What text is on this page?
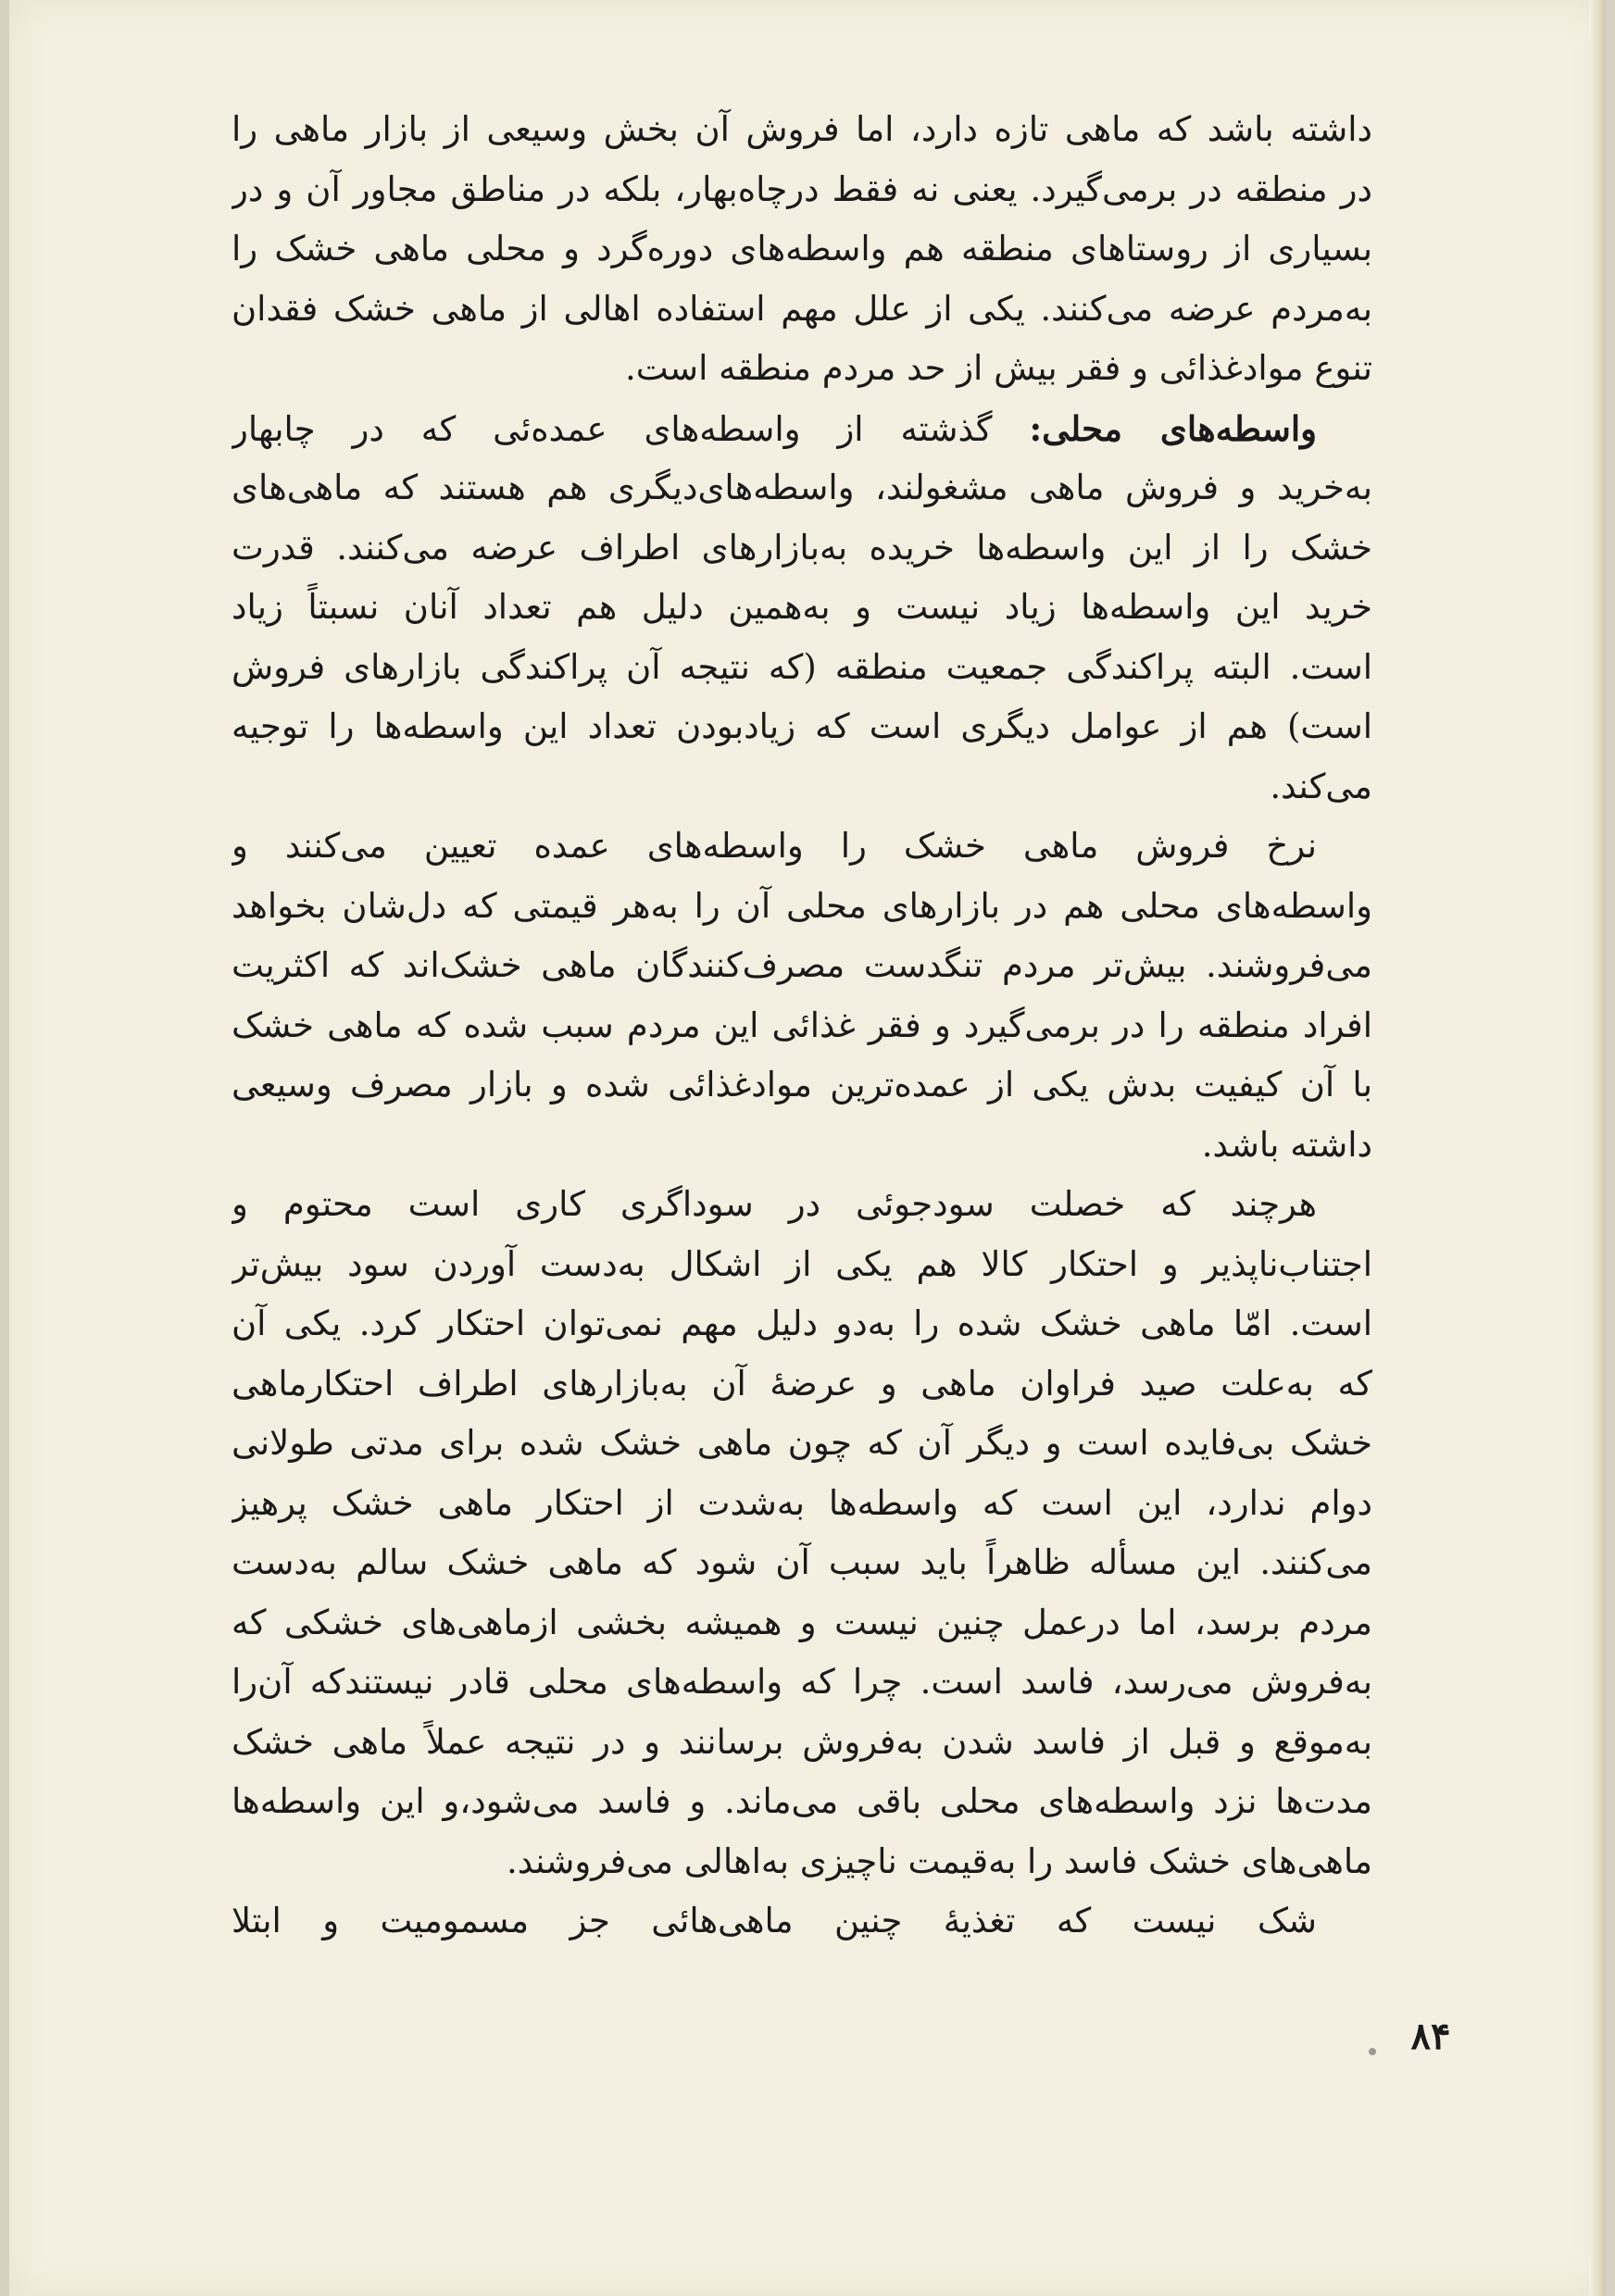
داشته باشد که ماهی تازه دارد، اما فروش آن بخش وسیعی از بازار ماهی را
در منطقه در برمی‌گیرد. یعنی نه فقط درچاه‌بهار، بلکه در مناطق مجاور آن و در
بسیاری از روستاهای منطقه هم واسطه‌های دوره‌گرد و محلی ماهی خشک را
به‌مردم عرضه می‌کنند. یکی از علل مهم استفاده اهالی از ماهی خشک فقدان
تنوع موادغذائی و فقر بیش از حد مردم منطقه است.
واسطه‌های محلی: گذشته از واسطه‌های عمده‌ئی که در چابهار
به‌خرید و فروش ماهی مشغولند، واسطه‌های‌دیگری هم هستند که ماهی‌های
خشک را از این واسطه‌ها خریده به‌بازارهای اطراف عرضه می‌کنند. قدرت
خرید این واسطه‌ها زیاد نیست و به‌همین دلیل هم تعداد آنان نسبتاً زیاد
است. البته پراکندگی جمعیت منطقه (که نتیجه آن پراکندگی بازارهای فروش
است) هم از عوامل دیگری است که زیادبودن تعداد این واسطه‌ها را توجیه
می‌کند.
نرخ فروش ماهی خشک را واسطه‌های عمده تعیین می‌کنند و
واسطه‌های محلی هم در بازارهای محلی آن را به‌هر قیمتی که دل‌شان بخواهد
می‌فروشند. بیش‌تر مردم تنگدست مصرف‌کنندگان ماهی خشک‌اند که اکثریت
افراد منطقه را در برمی‌گیرد و فقر غذائی این مردم سبب شده که ماهی خشک
با آن کیفیت بدش یکی از عمده‌ترین موادغذائی شده و بازار مصرف وسیعی
داشته باشد.
هرچند که خصلت سودجوئی در سوداگری کاری است محتوم و
اجتناب‌ناپذیر و احتکار کالا هم یکی از اشکال به‌دست آوردن سود بیش‌تر
است. امّا ماهی خشک شده را به‌دو دلیل مهم نمی‌توان احتکار کرد. یکی آن
که به‌علت صید فراوان ماهی و عرضهٔ آن به‌بازارهای اطراف احتکارماهی
خشک بی‌فایده است و دیگر آن که چون ماهی خشک شده برای مدتی طولانی
دوام ندارد، این است که واسطه‌ها به‌شدت از احتکار ماهی خشک پرهیز
می‌کنند. این مسأله ظاهراً باید سبب آن شود که ماهی خشک سالم به‌دست
مردم برسد، اما درعمل چنین نیست و همیشه بخشی ازماهی‌های خشکی که
به‌فروش می‌رسد، فاسد است. چرا که واسطه‌های محلی قادر نیستندکه آن‌را
به‌موقع و قبل از فاسد شدن به‌فروش برسانند و در نتیجه عملاً ماهی خشک
مدت‌ها نزد واسطه‌های محلی باقی می‌ماند. و فاسد می‌شود،و این واسطه‌ها
ماهی‌های خشک فاسد را به‌قیمت ناچیزی به‌اهالی می‌فروشند.
شک نیست که تغذیهٔ چنین ماهی‌هائی جز مسمومیت و ابتلا
۸۴
